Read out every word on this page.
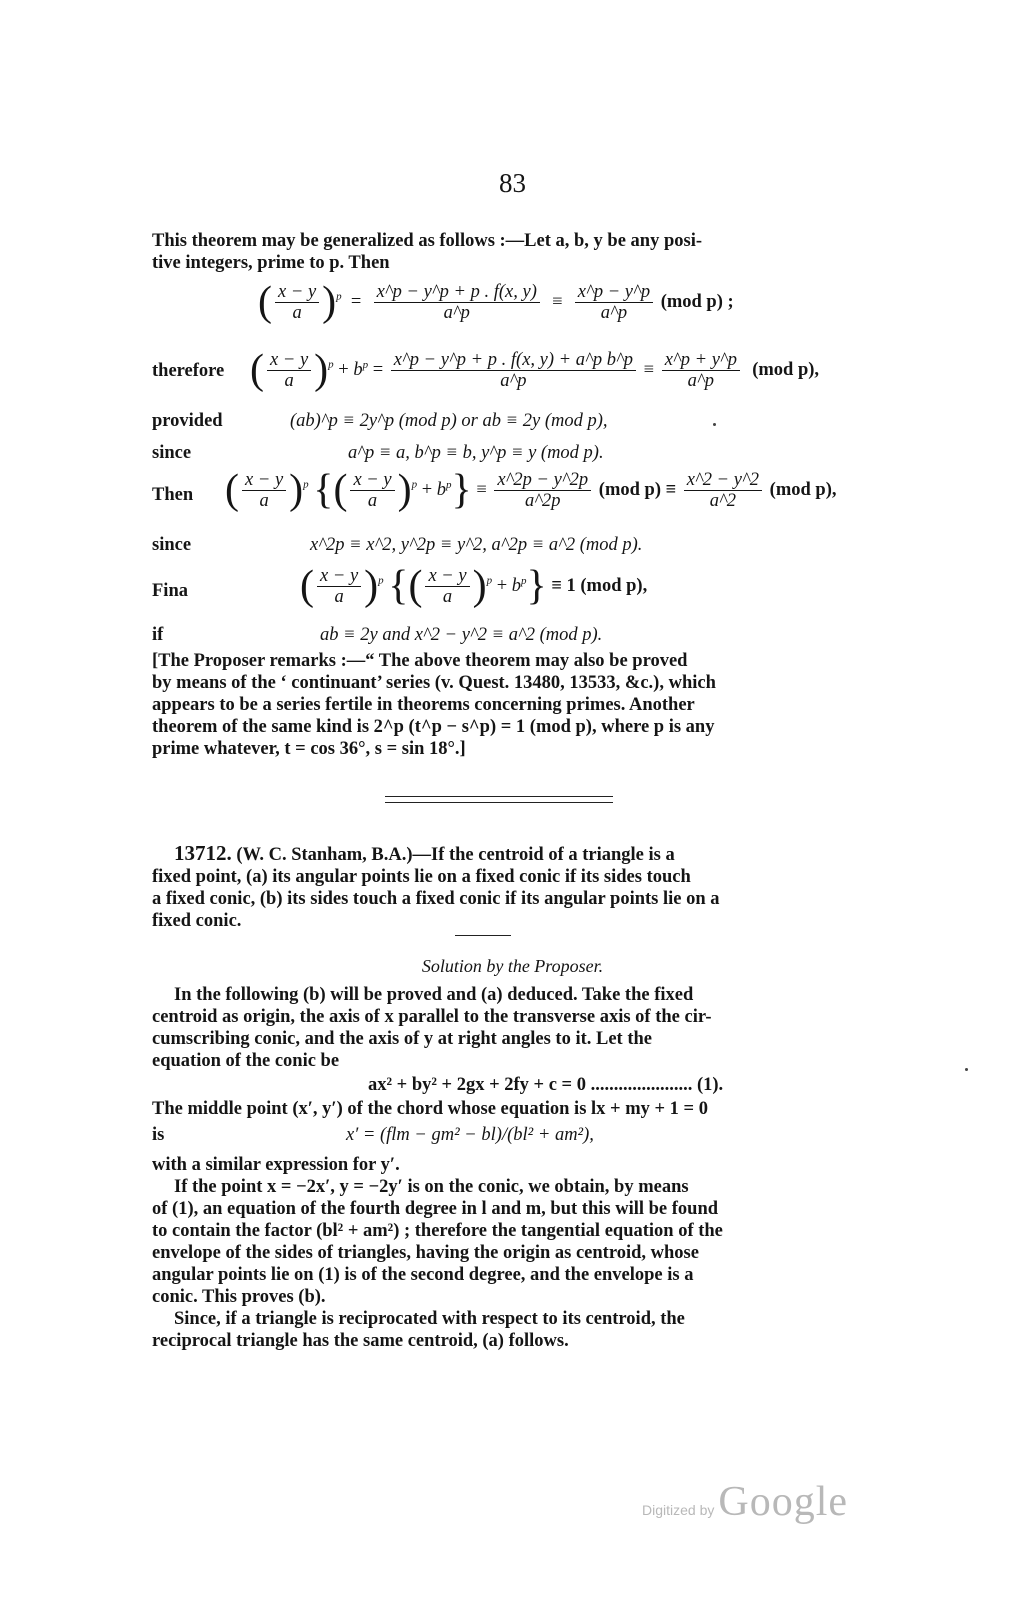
83
This theorem may be generalized as follows :—Let a, b, y be any posi-
tive integers, prime to p. Then
( $\frac{x - y}{a} )^p = \frac{x\^{}p - y\^{}p + p . f(x, y)}{a\^{}p} \equiv \frac{x\^{}p - y\^{}p}{a\^{}p} (mod$ p) ;
therefore ( $\frac{x - y}{a} )^p + b^p = \frac{\text{x\textasciicircum{}p − y\textasciicircum{}p + p . f(x, y) + a\textasciicircum{}p b\textasciicircum{}p}}{a\^{}p} \equiv \frac{x\^{}p + y\^{}p}{a\^{}p} (mod$ p),
provided	(ab)^p ≡ 2y^p (mod p) or ab ≡ 2y (mod p),
since	a^p ≡ a, b^p ≡ b, y^p ≡ y (mod p).
Then ( $\frac{x - y}{a} )^p$ {( $\frac{x - y}{a} )^p + b^p\} \equiv \frac{x\^{}2p - y\^{}2p}{a\^{}2p} (mod$ $p) \equiv \frac{x\^{}2 - y\^{}2}{a\^{}2} (mod$ p),
since	x^2p ≡ x^2, y^2p ≡ y^2, a^2p ≡ a^2 (mod p).
Fina	( $\frac{x - y}{a} )^p$ {( $\frac{x - y}{a} )^p + b^p\} \equiv 1$ (mod p),
if	ab ≡ 2y and x^2 − y^2 ≡ a^2 (mod p).
[The Proposer remarks :—“ The above theorem may also be proved
by means of the ‘ continuant’ series (v. Quest. 13480, 13533, &c.), which
appears to be a series fertile in theorems concerning primes. Another
theorem of the same kind is 2^p (t^p − s^p) = 1 (mod p), where p is any
prime whatever, t = cos 36°, s = sin 18°.]
13712. (W. C. Stanham, B.A.)—If the centroid of a triangle is a
fixed point, (a) its angular points lie on a fixed conic if its sides touch
a fixed conic, (b) its sides touch a fixed conic if its angular points lie on a
fixed conic.
Solution by the Proposer.
In the following (b) will be proved and (a) deduced. Take the fixed
centroid as origin, the axis of x parallel to the transverse axis of the cir-
cumscribing conic, and the axis of y at right angles to it. Let the
equation of the conic be
ax² + by² + 2gx + 2fy + c = 0 ...................... (1).
The middle point (x′, y′) of the chord whose equation is lx + my + 1 = 0
is	x′ = (flm − gm² − bl)/(bl² + am²),
with a similar expression for y′.
If the point x = −2x′, y = −2y′ is on the conic, we obtain, by means
of (1), an equation of the fourth degree in l and m, but this will be found
to contain the factor (bl² + am²) ; therefore the tangential equation of the
envelope of the sides of triangles, having the origin as centroid, whose
angular points lie on (1) is of the second degree, and the envelope is a
conic. This proves (b).
Since, if a triangle is reciprocated with respect to its centroid, the
reciprocal triangle has the same centroid, (a) follows.
Digitized by Google
